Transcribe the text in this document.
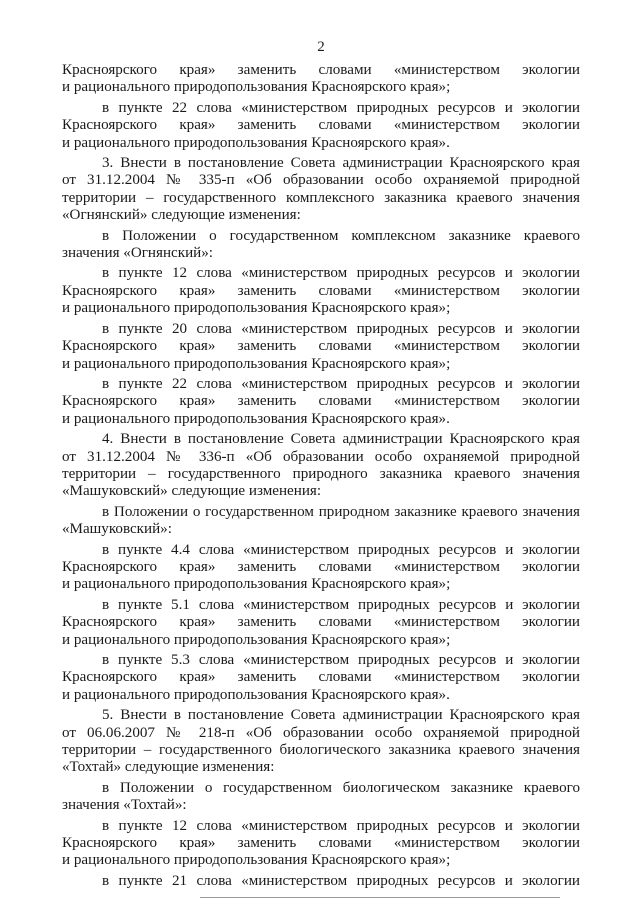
2
Красноярского края» заменить словами «министерством экологии
и рационального природопользования Красноярского края»;
в пункте 22 слова «министерством природных ресурсов и экологии
Красноярского края» заменить словами «министерством экологии
и рационального природопользования Красноярского края».
3. Внести в постановление Совета администрации Красноярского края
от 31.12.2004 № 335-п «Об образовании особо охраняемой природной
территории – государственного комплексного заказника краевого значения
«Огнянский» следующие изменения:
в Положении о государственном комплексном заказнике краевого
значения «Огнянский»:
в пункте 12 слова «министерством природных ресурсов и экологии
Красноярского края» заменить словами «министерством экологии
и рационального природопользования Красноярского края»;
в пункте 20 слова «министерством природных ресурсов и экологии
Красноярского края» заменить словами «министерством экологии
и рационального природопользования Красноярского края»;
в пункте 22 слова «министерством природных ресурсов и экологии
Красноярского края» заменить словами «министерством экологии
и рационального природопользования Красноярского края».
4. Внести в постановление Совета администрации Красноярского края
от 31.12.2004 № 336-п «Об образовании особо охраняемой природной
территории – государственного природного заказника краевого значения
«Машуковский» следующие изменения:
в Положении о государственном природном заказнике краевого значения
«Машуковский»:
в пункте 4.4 слова «министерством природных ресурсов и экологии
Красноярского края» заменить словами «министерством экологии
и рационального природопользования Красноярского края»;
в пункте 5.1 слова «министерством природных ресурсов и экологии
Красноярского края» заменить словами «министерством экологии
и рационального природопользования Красноярского края»;
в пункте 5.3 слова «министерством природных ресурсов и экологии
Красноярского края» заменить словами «министерством экологии
и рационального природопользования Красноярского края».
5. Внести в постановление Совета администрации Красноярского края
от 06.06.2007 № 218-п «Об образовании особо охраняемой природной
территории – государственного биологического заказника краевого значения
«Тохтай» следующие изменения:
в Положении о государственном биологическом заказнике краевого
значения «Тохтай»:
в пункте 12 слова «министерством природных ресурсов и экологии
Красноярского края» заменить словами «министерством экологии
и рационального природопользования Красноярского края»;
в пункте 21 слова «министерством природных ресурсов и экологии
